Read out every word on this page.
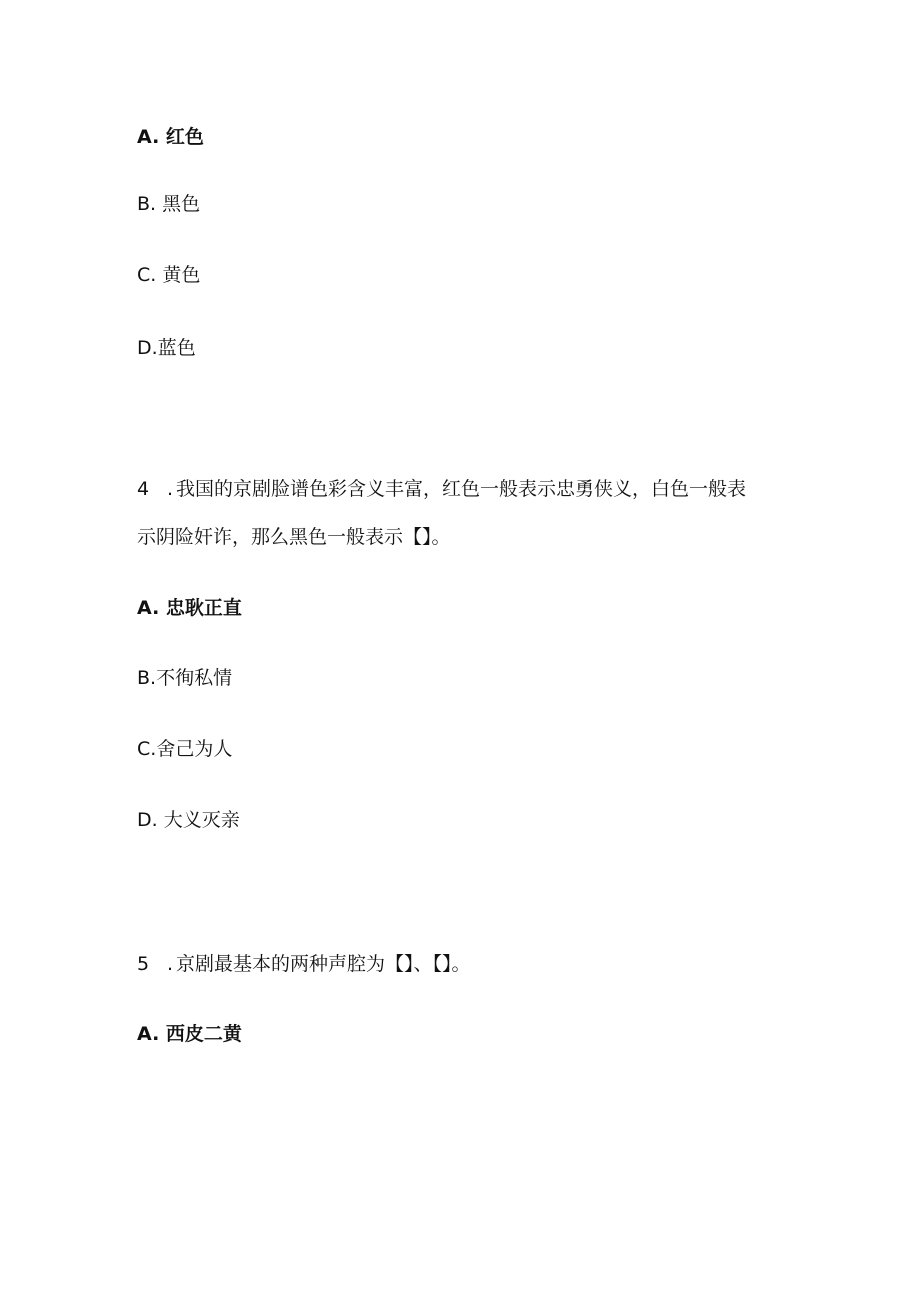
A. 红色
B. 黑色
C. 黄色
D.蓝色
4 . 我国的京剧脸谱色彩含义丰富，红色一般表示忠勇侠义，白色一般表
示阴险奸诈，那么黑色一般表示【】。
A. 忠耿正直
B.不徇私情
C.舍己为人
D. 大义灭亲
5 . 京剧最基本的两种声腔为【】、【】。
A. 西皮二黄
